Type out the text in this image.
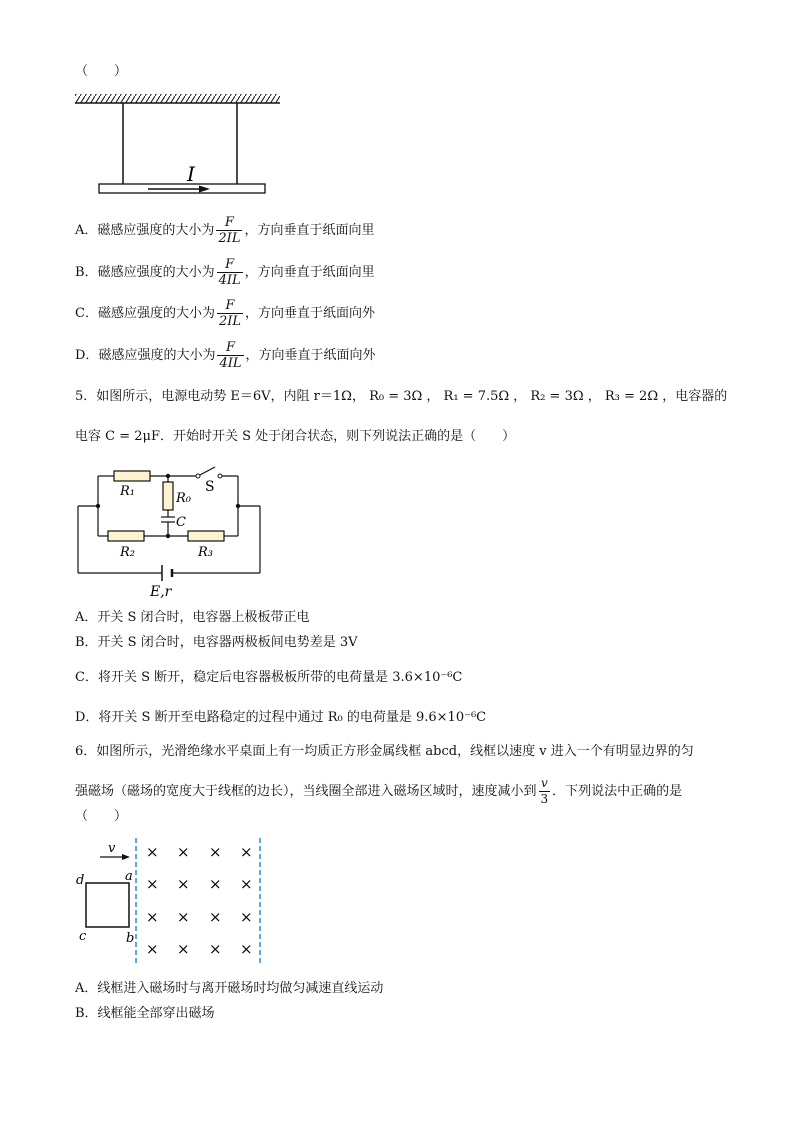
（　　）
I
A．磁感应强度的大小为 $\frac{F}{2IL}$ ，方向垂直于纸面向里
B．磁感应强度的大小为 $\frac{F}{4IL}$ ，方向垂直于纸面向里
C．磁感应强度的大小为 $\frac{F}{2IL}$ ，方向垂直于纸面向外
D．磁感应强度的大小为 $\frac{F}{4IL}$ ，方向垂直于纸面向外
5．如图所示，电源电动势 E＝6V，内阻 r＝1Ω， R₀ = 3Ω ， R₁ = 7.5Ω ， R₂ = 3Ω ， R₃ = 2Ω ，电容器的
电容 C = 2μF．开始时开关 S 处于闭合状态，则下列说法正确的是（　　）
R₁	R₀
C
S
R₂	R₃
E,r
A．开关 S 闭合时，电容器上极板带正电
B．开关 S 闭合时，电容器两极板间电势差是 3V
C．将开关 S 断开，稳定后电容器极板所带的电荷量是 3.6×10⁻⁶C
D．将开关 S 断开至电路稳定的过程中通过 R₀ 的电荷量是 9.6×10⁻⁶C
6．如图所示，光滑绝缘水平桌面上有一均质正方形金属线框 abcd，线框以速度 v 进入一个有明显边界的匀
强磁场（磁场的宽度大于线框的边长），当线圈全部进入磁场区域时，速度减小到 $\frac{v}{3}$ ．下列说法中正确的是
（　　）
v
d	a
c	b
× × × ×
× × × ×
× × × ×
× × × ×
A．线框进入磁场时与离开磁场时均做匀减速直线运动
B．线框能全部穿出磁场
